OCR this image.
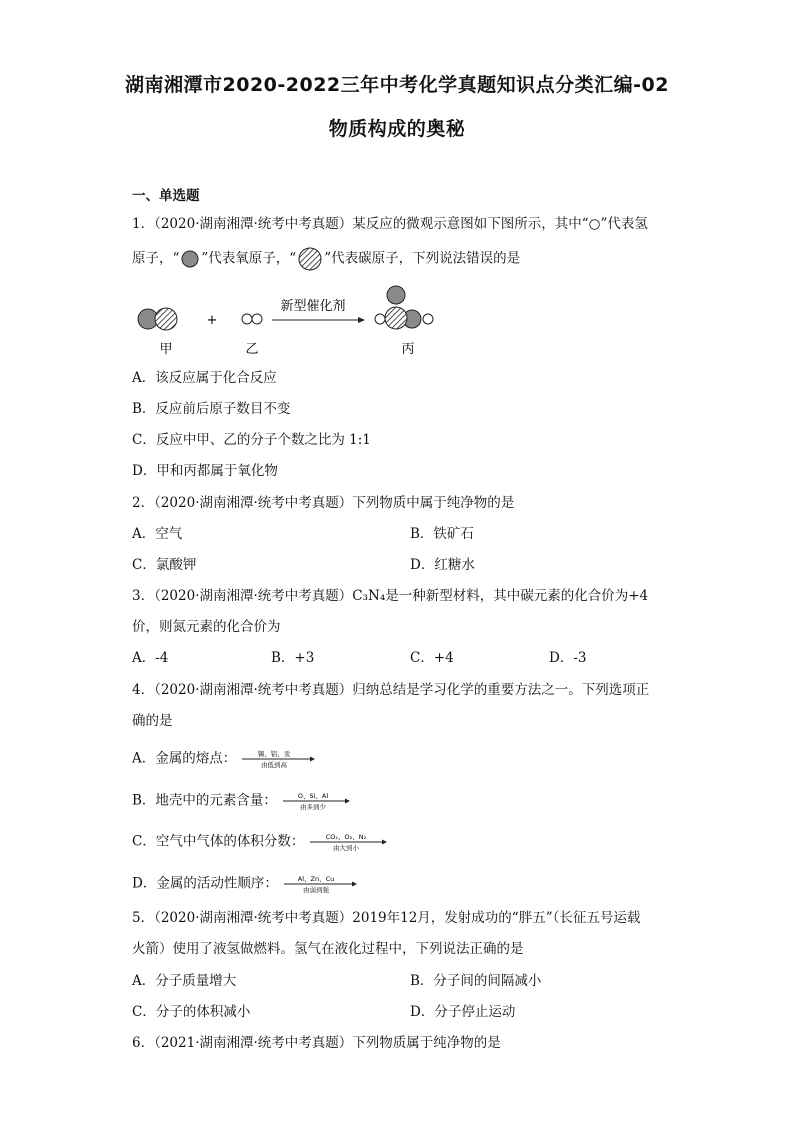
湖南湘潭市2020-2022三年中考化学真题知识点分类汇编-02
物质构成的奥秘
一、单选题
1．（2020·湖南湘潭·统考中考真题）某反应的微观示意图如下图所示，其中“○”代表氢
原子，“ ”代表氧原子，“ ”代表碳原子，下列说法错误的是
+
新型催化剂
甲	乙	丙
A．该反应属于化合反应
B．反应前后原子数目不变
C．反应中甲、乙的分子个数之比为 1:1
D．甲和丙都属于氧化物
2．（2020·湖南湘潭·统考中考真题）下列物质中属于纯净物的是
A．空气	B．铁矿石
C．氯酸钾	D．红糖水
3．（2020·湖南湘潭·统考中考真题）C₃N₄是一种新型材料，其中碳元素的化合价为+4
价，则氮元素的化合价为
A．-4	B．+3	C．+4	D．-3
4．（2020·湖南湘潭·统考中考真题）归纳总结是学习化学的重要方法之一。下列选项正
确的是
A．金属的熔点：	锡、铝、汞
由低到高
B．地壳中的元素含量：	O、Si、Al
由多到少
C．空气中气体的体积分数：	CO₂、O₂、N₂
由大到小
D．金属的活动性顺序：	Al、Zn、Cu
由弱到强
5．（2020·湖南湘潭·统考中考真题）2019年12月，发射成功的“胖五”（长征五号运载
火箭）使用了液氢做燃料。氢气在液化过程中，下列说法正确的是
A．分子质量增大	B．分子间的间隔减小
C．分子的体积减小	D．分子停止运动
6．（2021·湖南湘潭·统考中考真题）下列物质属于纯净物的是
